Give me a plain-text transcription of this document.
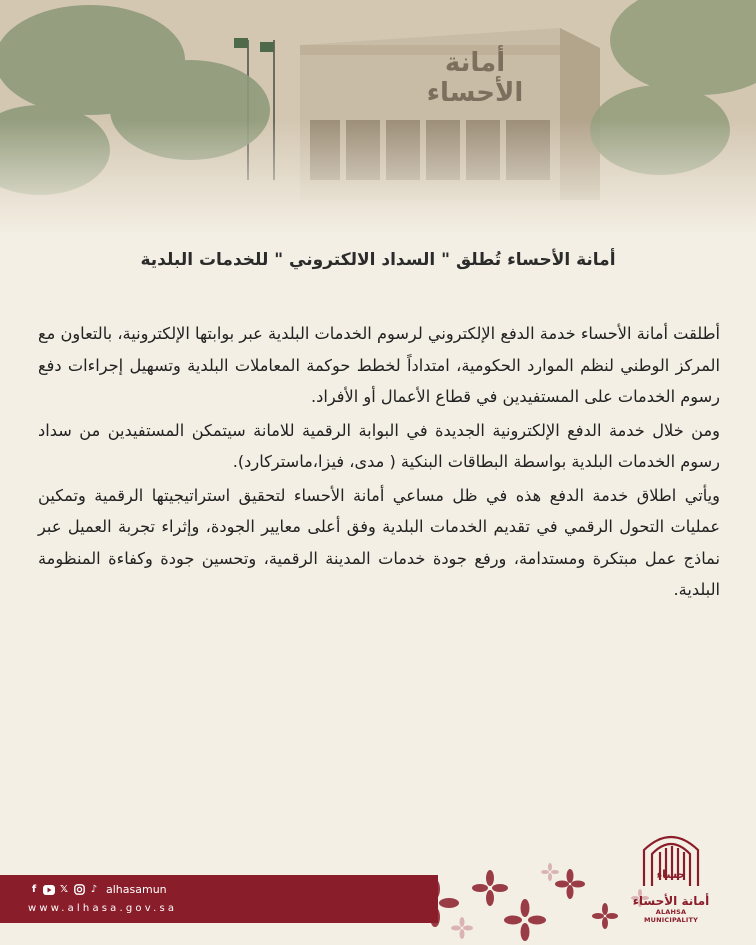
أمانة الأحساء
أمانة الأحساء تُطلق " السداد الالكتروني " للخدمات البلدية

أطلقت أمانة الأحساء خدمة الدفع الإلكتروني لرسوم الخدمات البلدية عبر بوابتها الإلكترونية، بالتعاون مع المركز الوطني لنظم الموارد الحكومية، امتداداً لخطط حوكمة المعاملات البلدية وتسهيل إجراءات دفع رسوم الخدمات على المستفيدين في قطاع الأعمال أو الأفراد.

ومن خلال خدمة الدفع الإلكترونية الجديدة في البوابة الرقمية للامانة سيتمكن المستفيدين من سداد رسوم الخدمات البلدية بواسطة البطاقات البنكية ( مدى، فيزا،ماستركارد).

ويأتي اطلاق خدمة الدفع هذه في ظل مساعي أمانة الأحساء لتحقيق استراتيجيتها الرقمية وتمكين عمليات التحول الرقمي في تقديم الخدمات البلدية وفق أعلى معايير الجودة، وإثراء تجربة العميل عبر نماذج عمل مبتكرة ومستدامة، ورفع جودة خدمات المدينة الرقمية، وتحسين جودة وكفاءة المنظومة البلدية.

f	𝕏 ♪ alhasamun
www.alhasa.gov.sa
حساء
أمانة الأحساء
ALAHSA MUNICIPALITY
